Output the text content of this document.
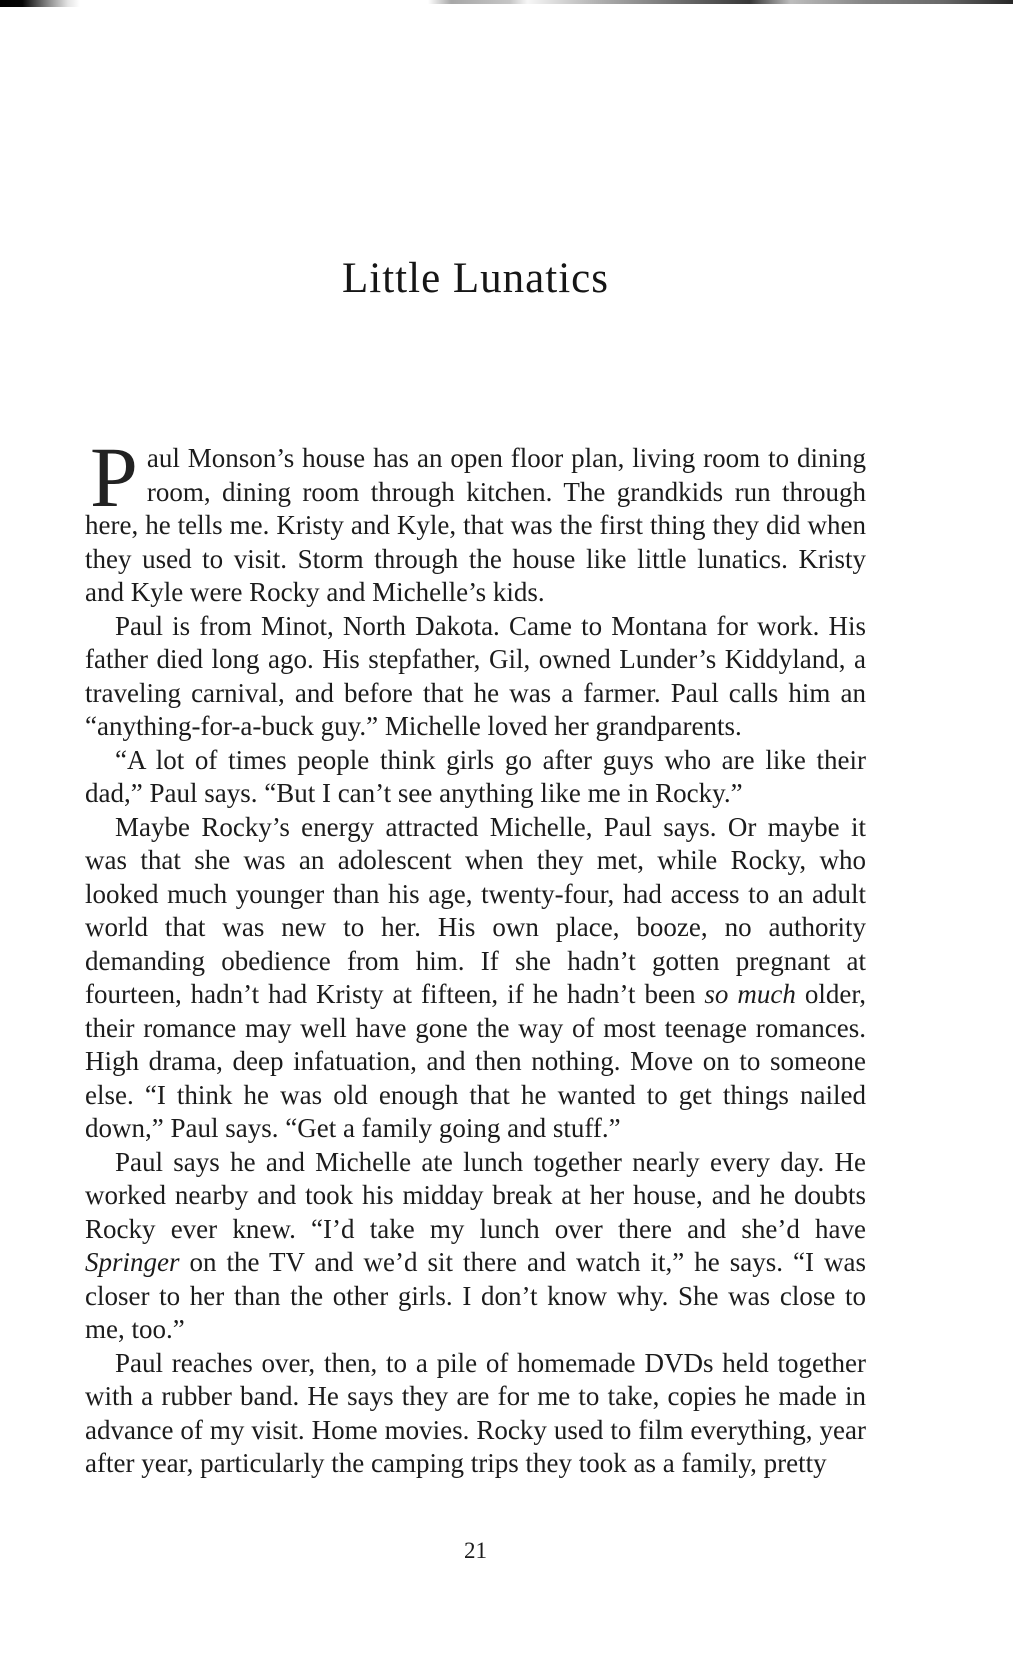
Little Lunatics

Paul Monson’s house has an open floor plan, living room to dining room, dining room through kitchen. The grandkids run through here, he tells me. Kristy and Kyle, that was the first thing they did when they used to visit. Storm through the house like little lunatics. Kristy and Kyle were Rocky and Michelle’s kids.

Paul is from Minot, North Dakota. Came to Montana for work. His father died long ago. His stepfather, Gil, owned Lunder’s Kiddyland, a traveling carnival, and before that he was a farmer. Paul calls him an “anything-for-a-buck guy.” Michelle loved her grandparents.

“A lot of times people think girls go after guys who are like their dad,” Paul says. “But I can’t see anything like me in Rocky.”

Maybe Rocky’s energy attracted Michelle, Paul says. Or maybe it was that she was an adolescent when they met, while Rocky, who looked much younger than his age, twenty-four, had access to an adult world that was new to her. His own place, booze, no authority demanding obedience from him. If she hadn’t gotten pregnant at fourteen, hadn’t had Kristy at fifteen, if he hadn’t been so much older, their romance may well have gone the way of most teenage romances. High drama, deep infatuation, and then nothing. Move on to someone else. “I think he was old enough that he wanted to get things nailed down,” Paul says. “Get a family going and stuff.”

Paul says he and Michelle ate lunch together nearly every day. He worked nearby and took his midday break at her house, and he doubts Rocky ever knew. “I’d take my lunch over there and she’d have Springer on the TV and we’d sit there and watch it,” he says. “I was closer to her than the other girls. I don’t know why. She was close to me, too.”

Paul reaches over, then, to a pile of homemade DVDs held together with a rubber band. He says they are for me to take, copies he made in advance of my visit. Home movies. Rocky used to film everything, year after year, particularly the camping trips they took as a family, pretty

21
